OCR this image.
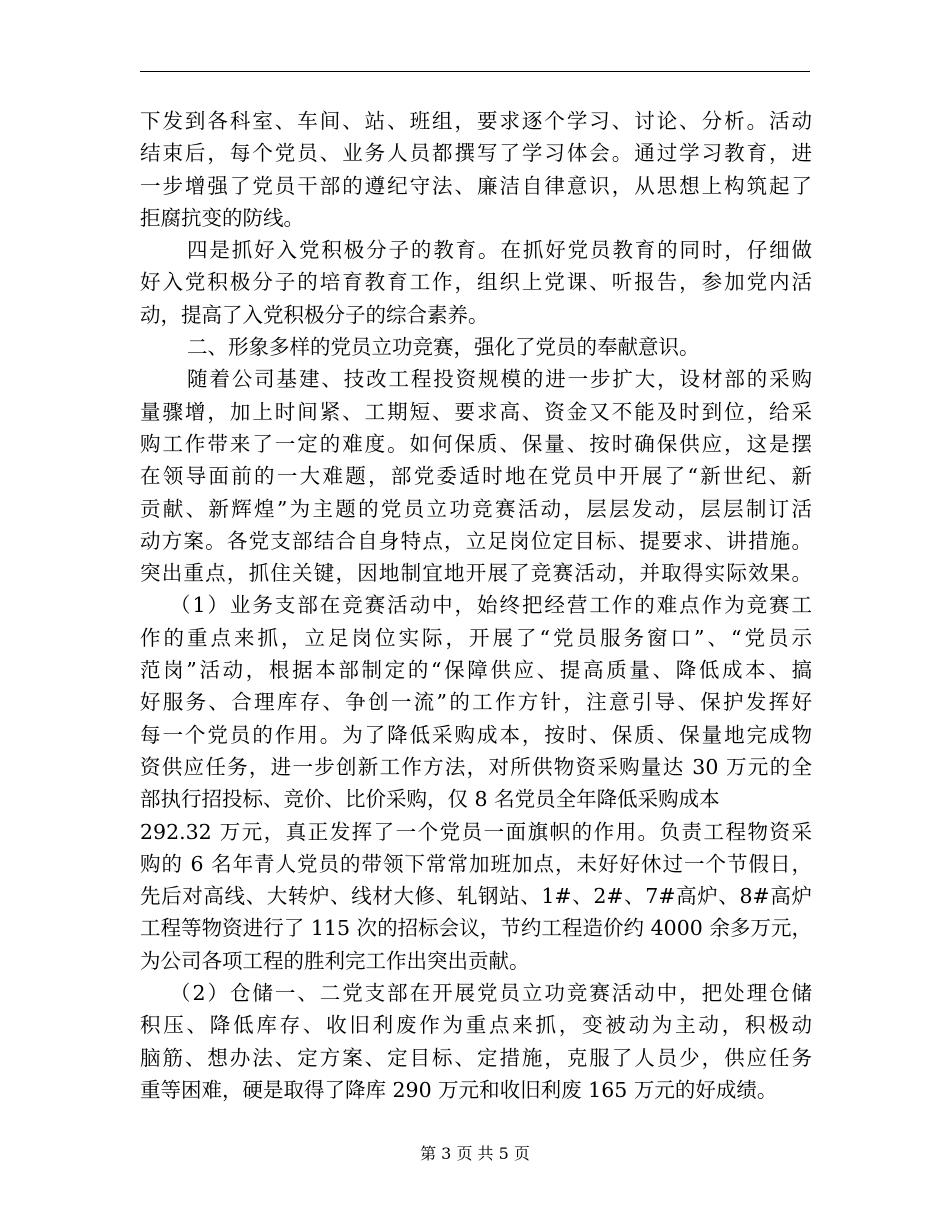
下发到各科室、车间、站、班组，要求逐个学习、讨论、分析。活动
结束后，每个党员、业务人员都撰写了学习体会。通过学习教育，进
一步增强了党员干部的遵纪守法、廉洁自律意识，从思想上构筑起了
拒腐抗变的防线。
四是抓好入党积极分子的教育。在抓好党员教育的同时，仔细做
好入党积极分子的培育教育工作，组织上党课、听报告，参加党内活
动，提高了入党积极分子的综合素养。
二、形象多样的党员立功竞赛，强化了党员的奉献意识。
随着公司基建、技改工程投资规模的进一步扩大，设材部的采购
量骤增，加上时间紧、工期短、要求高、资金又不能及时到位，给采
购工作带来了一定的难度。如何保质、保量、按时确保供应，这是摆
在领导面前的一大难题，部党委适时地在党员中开展了“新世纪、新
贡献、新辉煌”为主题的党员立功竞赛活动，层层发动，层层制订活
动方案。各党支部结合自身特点，立足岗位定目标、提要求、讲措施。
突出重点，抓住关键，因地制宜地开展了竞赛活动，并取得实际效果。
（1）业务支部在竞赛活动中，始终把经营工作的难点作为竞赛工
作的重点来抓，立足岗位实际，开展了“党员服务窗口”、“党员示
范岗”活动，根据本部制定的“保障供应、提高质量、降低成本、搞
好服务、合理库存、争创一流”的工作方针，注意引导、保护发挥好
每一个党员的作用。为了降低采购成本，按时、保质、保量地完成物
资供应任务，进一步创新工作方法，对所供物资采购量达 30 万元的全
部执行招投标、竞价、比价采购，仅 8 名党员全年降低采购成本
292.32 万元，真正发挥了一个党员一面旗帜的作用。负责工程物资采
购的 6 名年青人党员的带领下常常加班加点，未好好休过一个节假日，
先后对高线、大转炉、线材大修、轧钢站、1#、2#、7#高炉、8#高炉
工程等物资进行了 115 次的招标会议，节约工程造价约 4000 余多万元，
为公司各项工程的胜利完工作出突出贡献。
（2）仓储一、二党支部在开展党员立功竞赛活动中，把处理仓储
积压、降低库存、收旧利废作为重点来抓，变被动为主动，积极动
脑筋、想办法、定方案、定目标、定措施，克服了人员少，供应任务
重等困难，硬是取得了降库 290 万元和收旧利废 165 万元的好成绩。
第 3 页 共 5 页
